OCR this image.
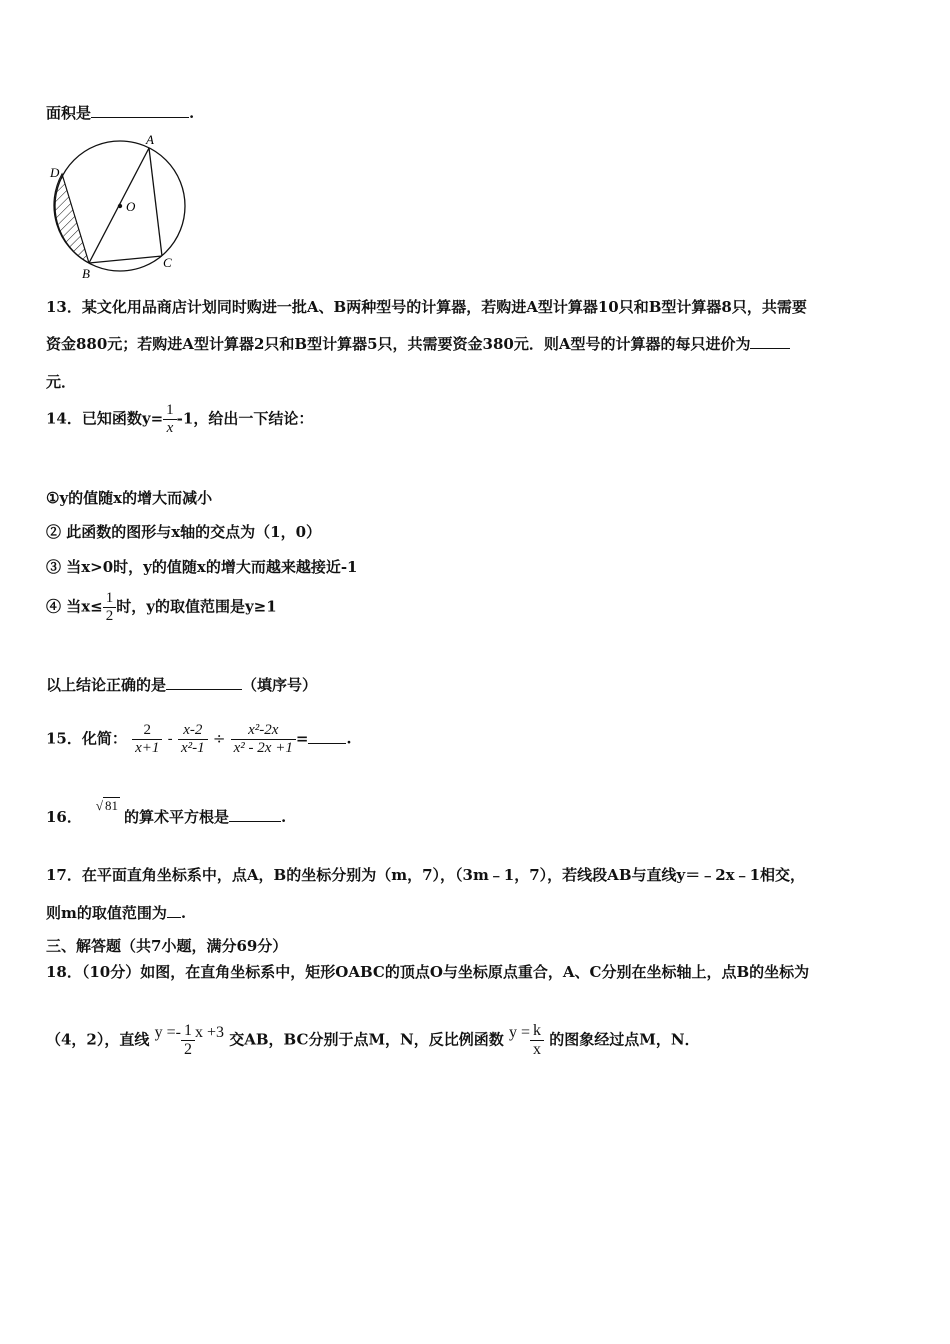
面积是	.
A
B
C
D
O
13．某文化用品商店计划同时购进一批A、B两种型号的计算器，若购进A型计算器10只和B型计算器8只，共需要
资金880元；若购进A型计算器2只和B型计算器5只，共需要资金380元．则A型号的计算器的每只进价为
元．
14．已知函数$y= \frac{1}{x} -1$，给出一下结论：
①y的值随x的增大而减小
② 此函数的图形与x轴的交点为（1，0）
③ 当x>0时，y的值随x的增大而越来越接近-1
④ 当$x\le \frac{1}{2}$ 时，y的取值范围是y≥1
以上结论正确的是	（填序号）
15．化简： $\frac{2}{x+1} - \frac{x-2}{\text{x²-1}} \div \frac{\text{x²-2x}}{\text{x² - 2x +1}}$ =	.
16．√ 81的算术平方根是	.
17．在平面直角坐标系中，点A，B的坐标分别为（m，7），（3m﹣1，7），若线段AB与直线y＝﹣2x﹣1相交，
则m的取值范围为 .
三、解答题（共7小题，满分69分）
18．（10分）如图，在直角坐标系中，矩形OABC的顶点O与坐标原点重合，A、C分别在坐标轴上，点B的坐标为
（4，2），直线 $y =- \frac{1}{2}$ x +3 交AB，BC分别于点M，N，反比例函数 $y = \frac{k}{x}$ 的图象经过点M，N．
